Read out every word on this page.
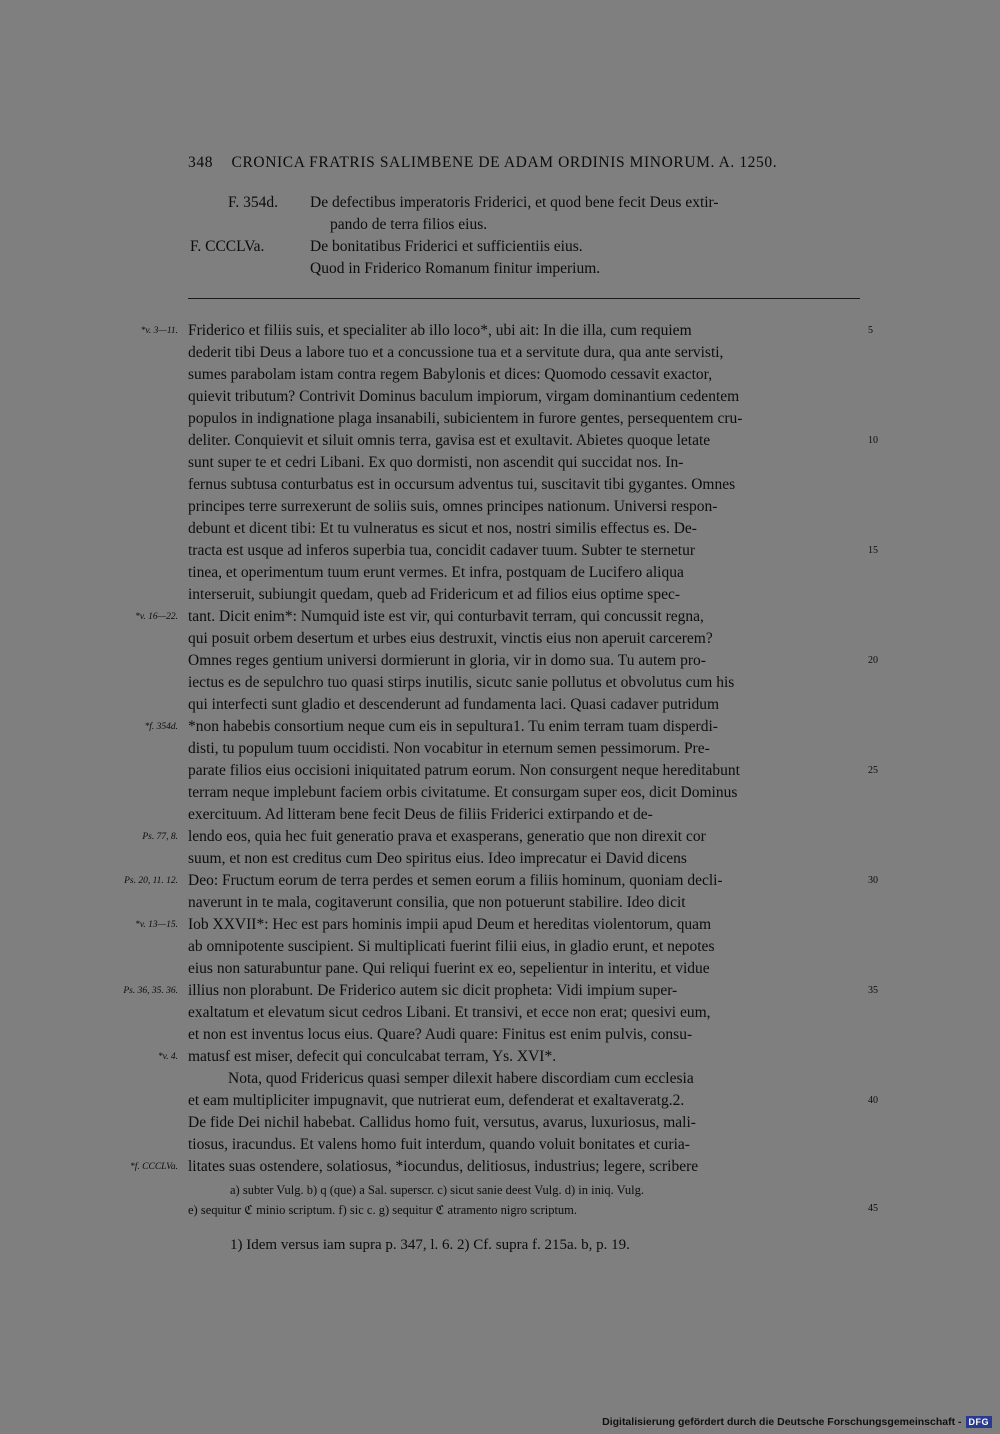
348 CRONICA FRATRIS SALIMBENE DE ADAM ORDINIS MINORUM. A. 1250.
F. 354d. De defectibus imperatoris Friderici, et quod bene fecit Deus extir-
pando de terra filios eius.
F. CCCLVa.	De bonitatibus Friderici et sufficientiis eius.
Quod in Friderico Romanum finitur imperium.
Friderico et filiis suis, et specialiter ab illo loco*, ubi ait: In die illa, cum requiem
*v. 3—11.	5
dederit tibi Deus a labore tuo et a concussione tua et a servitute dura, qua ante servisti,
sumes parabolam istam contra regem Babylonis et dices: Quomodo cessavit exactor,
quievit tributum? Contrivit Dominus baculum impiorum, virgam dominantium cedentem
populos in indignatione plaga insanabili, subicientem in furore gentes, persequentem cru-
deliter. Conquievit et siluit omnis terra, gavisa est et exultavit. Abietes quoque letate	10
sunt super te et cedri Libani. Ex quo dormisti, non ascendit qui succidat nos. In-
fernus subtusa conturbatus est in occursum adventus tui, suscitavit tibi gygantes. Omnes
principes terre surrexerunt de soliis suis, omnes principes nationum. Universi respon-
debunt et dicent tibi: Et tu vulneratus es sicut et nos, nostri similis effectus es. De-
tracta est usque ad inferos superbia tua, concidit cadaver tuum. Subter te sternetur	15
tinea, et operimentum tuum erunt vermes. Et infra, postquam de Lucifero aliqua
interseruit, subiungit quedam, queb ad Fridericum et ad filios eius optime spec-
tant. Dicit enim*: Numquid iste est vir, qui conturbavit terram, qui concussit regna,
*v. 16—22.
qui posuit orbem desertum et urbes eius destruxit, vinctis eius non aperuit carcerem?
Omnes reges gentium universi dormierunt in gloria, vir in domo sua. Tu autem pro-	20
iectus es de sepulchro tuo quasi stirps inutilis, sicutc sanie pollutus et obvolutus cum his
qui interfecti sunt gladio et descenderunt ad fundamenta laci. Quasi cadaver putridum
*non habebis consortium neque cum eis in sepultura1. Tu enim terram tuam disperdi-
*f. 354d.
disti, tu populum tuum occidisti. Non vocabitur in eternum semen pessimorum. Pre-
parate filios eius occisioni iniquitated patrum eorum. Non consurgent neque hereditabunt	25
terram neque implebunt faciem orbis civitatume. Et consurgam super eos, dicit Dominus
exercituum. Ad litteram bene fecit Deus de filiis Friderici extirpando et de-
lendo eos, quia hec fuit generatio prava et exasperans, generatio que non direxit cor
Ps. 77, 8.
suum, et non est creditus cum Deo spiritus eius. Ideo imprecatur ei David dicens
Deo: Fructum eorum de terra perdes et semen eorum a filiis hominum, quoniam decli-
Ps. 20, 11. 12.	30
naverunt in te mala, cogitaverunt consilia, que non potuerunt stabilire. Ideo dicit
Iob XXVII*: Hec est pars hominis impii apud Deum et hereditas violentorum, quam
*v. 13—15.
ab omnipotente suscipient. Si multiplicati fuerint filii eius, in gladio erunt, et nepotes
eius non saturabuntur pane. Qui reliqui fuerint ex eo, sepelientur in interitu, et vidue
illius non plorabunt. De Friderico autem sic dicit propheta: Vidi impium super-
Ps. 36, 35. 36.	35
exaltatum et elevatum sicut cedros Libani. Et transivi, et ecce non erat; quesivi eum,
et non est inventus locus eius. Quare? Audi quare: Finitus est enim pulvis, consu-
matusf est miser, defecit qui conculcabat terram, Ys. XVI*.
*v. 4.
Nota, quod Fridericus quasi semper dilexit habere discordiam cum ecclesia
et eam multipliciter impugnavit, que nutrierat eum, defenderat et exaltaveratg.2.	40
De fide Dei nichil habebat. Callidus homo fuit, versutus, avarus, luxuriosus, mali-
tiosus, iracundus. Et valens homo fuit interdum, quando voluit bonitates et curia-
litates suas ostendere, solatiosus, *iocundus, delitiosus, industrius; legere, scribere
*f. CCCLVa.
a) subter Vulg. b) q (que) a Sal. superscr. c) sicut sanie deest Vulg. d) in iniq. Vulg.
e) sequitur ℭ minio scriptum. f) sic c. g) sequitur ℭ atramento nigro scriptum.	45
1) Idem versus iam supra p. 347, l. 6. 2) Cf. supra f. 215a. b, p. 19.
Digitalisierung gefördert durch die Deutsche Forschungsgemeinschaft - DFG
